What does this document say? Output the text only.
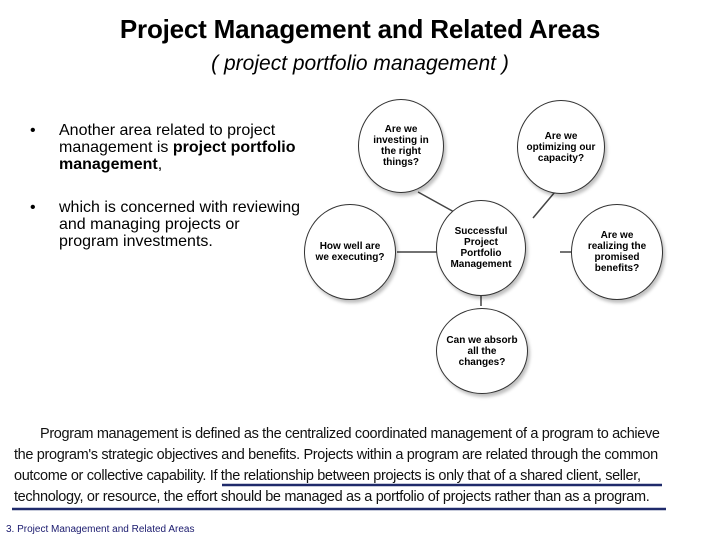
Project Management and Related Areas
( project portfolio management )
• Another area related to project management is project portfolio management,
• which is concerned with reviewing and managing projects or program investments.
Are we
investing in
the right
things?
Are we
optimizing our
capacity?
How well are
we executing?
Successful
Project
Portfolio
Management
Are we
realizing the
promised
benefits?
Can we absorb
all the
changes?
Program management is defined as the centralized coordinated management of a program to achieve
the program's strategic objectives and benefits. Projects within a program are related through the common
outcome or collective capability. If the relationship between projects is only that of a shared client, seller,
technology, or resource, the effort should be managed as a portfolio of projects rather than as a program.
3. Project Management and Related Areas
